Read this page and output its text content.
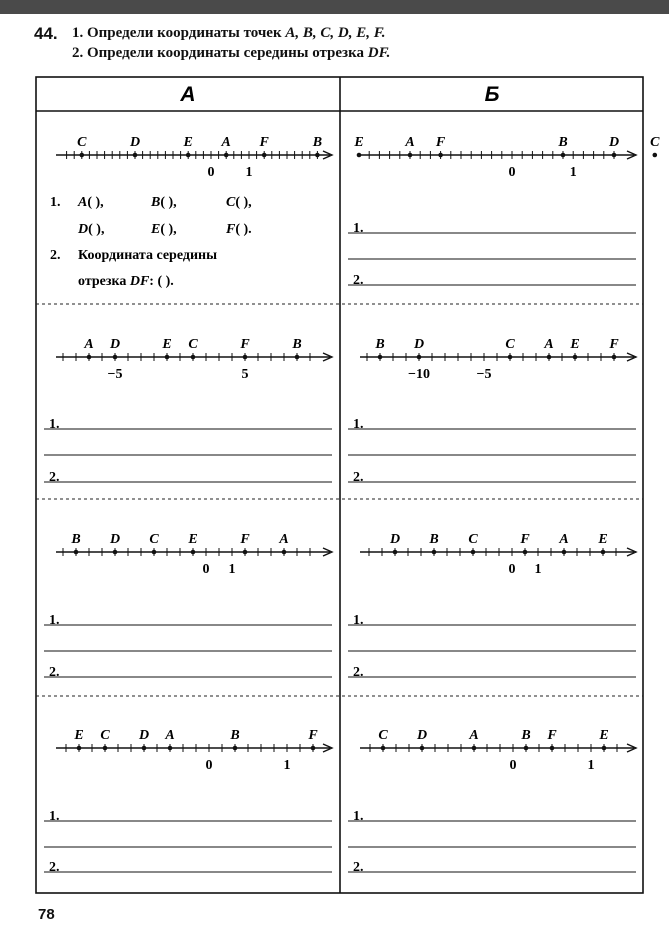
44. 1. Определи координаты точек A, B, C, D, E, F.
2. Определи координаты середины отрезка DF.
А	Б
C	D	E A F	B
0 1
E	A F	B	D C
0	1
A D	E C	F	B
−5	5
B D	C A E F
−10	−5
B D C E	F A
0 1
D B C	F A E
0 1
E C D A	B	F
0	1
C D	A	B F	E
0	1
1. A( ),	B( ),	C( ),
D( ),	E( ),	F( ).
2. Координата середины
отрезка DF: ( ).
1.
2.
1.
2.
1.
2.
1.
2.
1.
2.
1.
2.
1.
2.
78
